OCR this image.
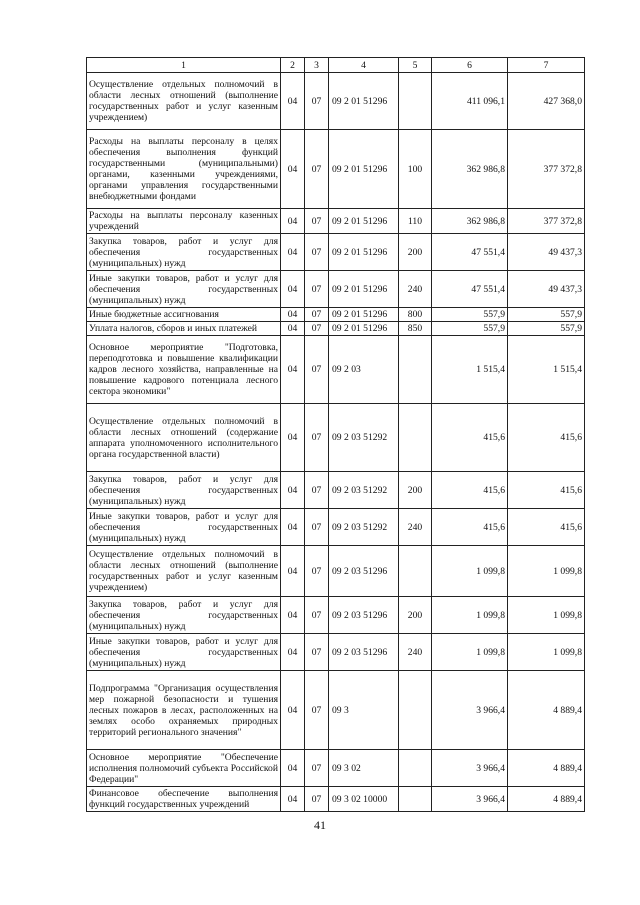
1	2	3	4	5	6	7
Осуществление отдельных полномочий в области лесных отношений (выполнение государственных работ и услуг казенным учреждением)	04	07	09 2 01 51296		411 096,1	427 368,0
Расходы на выплаты персоналу в целях обеспечения выполнения функций государственными (муниципальными) органами, казенными учреждениями, органами управления государственными внебюджетными фондами	04	07	09 2 01 51296	100	362 986,8	377 372,8
Расходы на выплаты персоналу казенных учреждений	04	07	09 2 01 51296	110	362 986,8	377 372,8
Закупка товаров, работ и услуг для обеспечения государственных (муниципальных) нужд	04	07	09 2 01 51296	200	47 551,4	49 437,3
Иные закупки товаров, работ и услуг для обеспечения государственных (муниципальных) нужд	04	07	09 2 01 51296	240	47 551,4	49 437,3
Иные бюджетные ассигнования	04	07	09 2 01 51296	800	557,9	557,9
Уплата налогов, сборов и иных платежей	04	07	09 2 01 51296	850	557,9	557,9
Основное мероприятие "Подготовка, переподготовка и повышение квалификации кадров лесного хозяйства, направленные на повышение кадрового потенциала лесного сектора экономики"	04	07	09 2 03		1 515,4	1 515,4
Осуществление отдельных полномочий в области лесных отношений (содержание аппарата уполномоченного исполнительного органа государственной власти)	04	07	09 2 03 51292		415,6	415,6
Закупка товаров, работ и услуг для обеспечения государственных (муниципальных) нужд	04	07	09 2 03 51292	200	415,6	415,6
Иные закупки товаров, работ и услуг для обеспечения государственных (муниципальных) нужд	04	07	09 2 03 51292	240	415,6	415,6
Осуществление отдельных полномочий в области лесных отношений (выполнение государственных работ и услуг казенным учреждением)	04	07	09 2 03 51296		1 099,8	1 099,8
Закупка товаров, работ и услуг для обеспечения государственных (муниципальных) нужд	04	07	09 2 03 51296	200	1 099,8	1 099,8
Иные закупки товаров, работ и услуг для обеспечения государственных (муниципальных) нужд	04	07	09 2 03 51296	240	1 099,8	1 099,8
Подпрограмма "Организация осуществления мер пожарной безопасности и тушения лесных пожаров в лесах, расположенных на землях особо охраняемых природных территорий регионального значения"	04	07	09 3		3 966,4	4 889,4
Основное мероприятие "Обеспечение исполнения полномочий субъекта Российской Федерации"	04	07	09 3 02		3 966,4	4 889,4
Финансовое обеспечение выполнения функций государственных учреждений	04	07	09 3 02 10000		3 966,4	4 889,4
41
